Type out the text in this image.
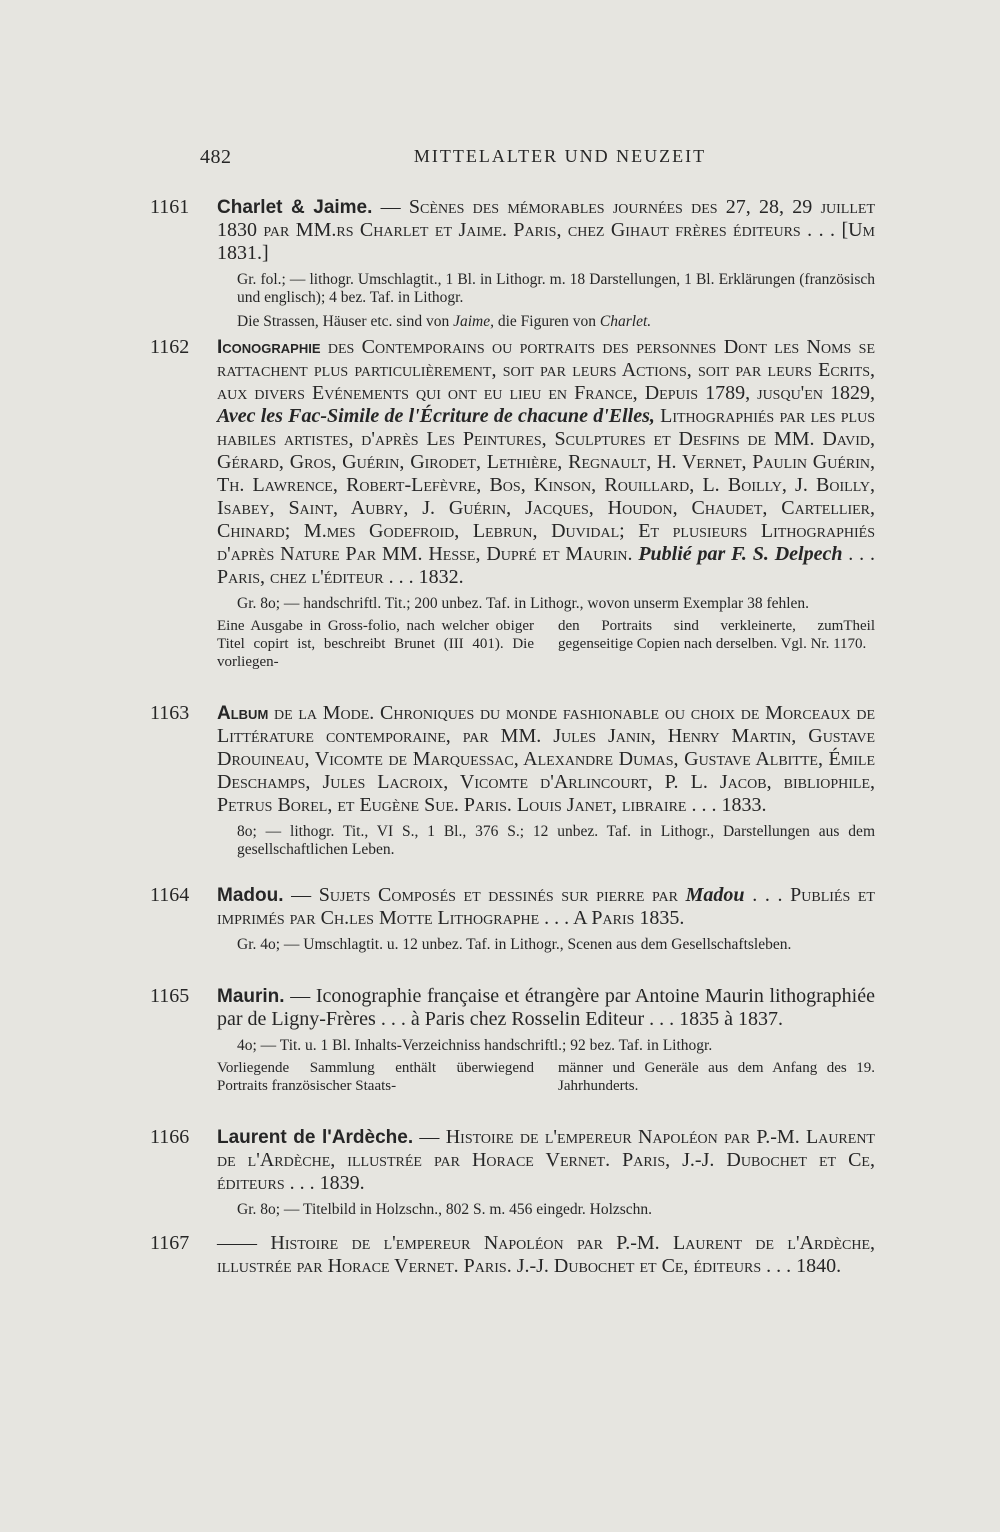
482	MITTELALTER UND NEUZEIT
1161	Charlet & Jaime. — Scènes des mémorables journées des 27, 28, 29 juillet 1830 par MM.rs Charlet et Jaime. Paris, chez Gihaut frères éditeurs . . . [Um 1831.]
Gr. fol.; — lithogr. Umschlagtit., 1 Bl. in Lithogr. m. 18 Darstellungen, 1 Bl. Erklärungen (französisch und englisch); 4 bez. Taf. in Lithogr.
Die Strassen, Häuser etc. sind von Jaime, die Figuren von Charlet.
1162	Iconographie des Contemporains ou portraits des personnes Dont les Noms se rattachent plus particulièrement, soit par leurs Actions, soit par leurs Ecrits, aux divers Evénements qui ont eu lieu en France, Depuis 1789, jusqu'en 1829, Avec les Fac-Simile de l'Écriture de chacune d'Elles, Lithographiés par les plus habiles artistes, d'après Les Peintures, Sculptures et Desfins de MM. David, Gérard, Gros, Guérin, Girodet, Lethière, Regnault, H. Vernet, Paulin Guérin, Th. Lawrence, Robert-Lefèvre, Bos, Kinson, Rouillard, L. Boilly, J. Boilly, Isabey, Saint, Aubry, J. Guérin, Jacques, Houdon, Chaudet, Cartellier, Chinard; M.mes Godefroid, Lebrun, Duvidal; Et plusieurs Lithographiés d'après Nature Par MM. Hesse, Dupré et Maurin. Publié par F. S. Delpech . . . Paris, chez l'éditeur . . . 1832.
Gr. 8o; — handschriftl. Tit.; 200 unbez. Taf. in Lithogr., wovon unserm Exemplar 38 fehlen.
Eine Ausgabe in Gross-folio, nach welcher obiger Titel copirt ist, beschreibt Brunet (III 401). Die vorliegen-
den Portraits sind verkleinerte, zumTheil gegenseitige Copien nach derselben. Vgl. Nr. 1170.
1163	Album de la Mode. Chroniques du monde fashionable ou choix de Morceaux de Littérature contemporaine, par MM. Jules Janin, Henry Martin, Gustave Drouineau, Vicomte de Marquessac, Alexandre Dumas, Gustave Albitte, Émile Deschamps, Jules Lacroix, Vicomte d'Arlincourt, P. L. Jacob, bibliophile, Petrus Borel, et Eugène Sue. Paris. Louis Janet, libraire . . . 1833.
8o; — lithogr. Tit., VI S., 1 Bl., 376 S.; 12 unbez. Taf. in Lithogr., Darstellungen aus dem gesellschaftlichen Leben.
1164	Madou. — Sujets Composés et dessinés sur pierre par Madou . . . Publiés et imprimés par Ch.les Motte Lithographe . . . A Paris 1835.
Gr. 4o; — Umschlagtit. u. 12 unbez. Taf. in Lithogr., Scenen aus dem Gesellschaftsleben.
1165	Maurin. — Iconographie française et étrangère par Antoine Maurin lithographiée par de Ligny-Frères . . . à Paris chez Rosselin Editeur . . . 1835 à 1837.
4o; — Tit. u. 1 Bl. Inhalts-Verzeichniss handschriftl.; 92 bez. Taf. in Lithogr.
Vorliegende Sammlung enthält überwiegend Portraits französischer Staats-
männer und Generäle aus dem Anfang des 19. Jahrhunderts.
1166	Laurent de l'Ardèche. — Histoire de l'empereur Napoléon par P.-M. Laurent de l'Ardèche, illustrée par Horace Vernet. Paris, J.-J. Dubochet et Ce, éditeurs . . . 1839.
Gr. 8o; — Titelbild in Holzschn., 802 S. m. 456 eingedr. Holzschn.
1167	—— Histoire de l'empereur Napoléon par P.-M. Laurent de l'Ardèche, illustrée par Horace Vernet. Paris. J.-J. Dubochet et Ce, éditeurs . . . 1840.
